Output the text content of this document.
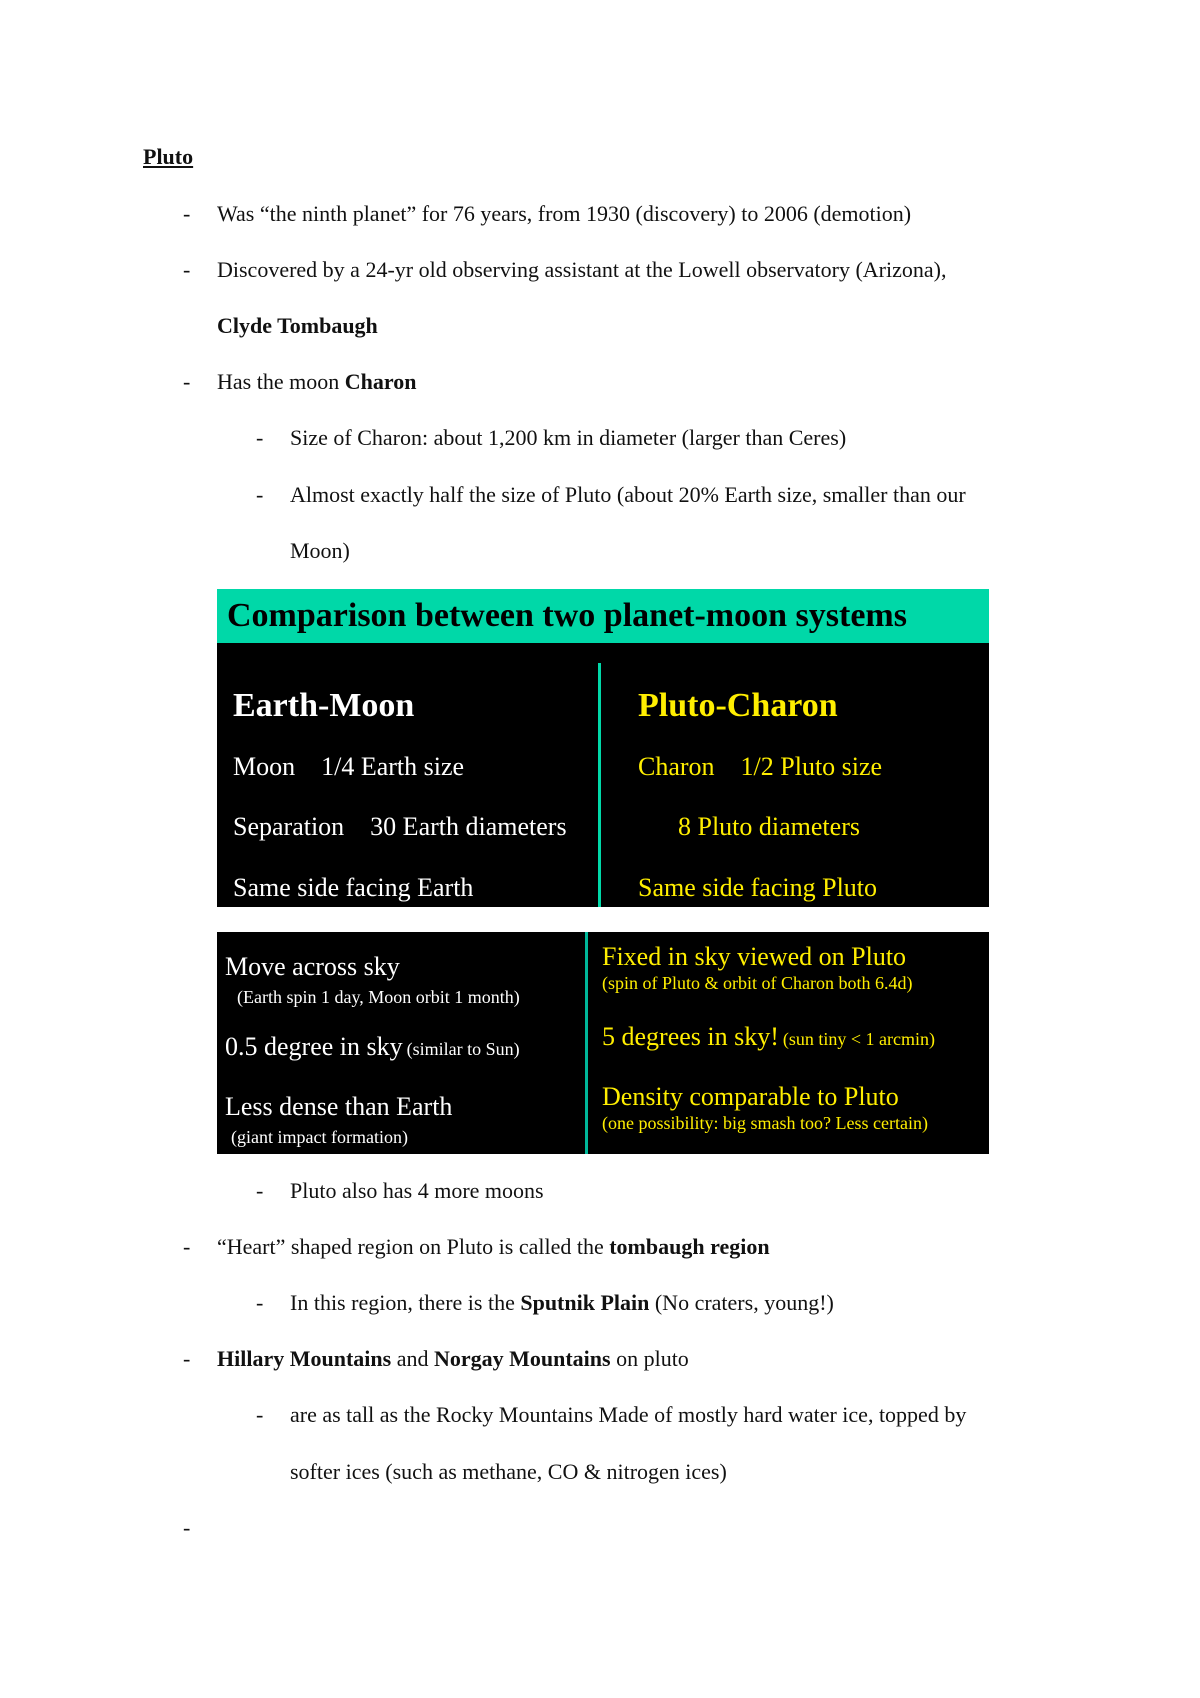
Pluto
- Was “the ninth planet” for 76 years, from 1930 (discovery) to 2006 (demotion)
- Discovered by a 24-yr old observing assistant at the Lowell observatory (Arizona),
Clyde Tombaugh
- Has the moon Charon
- Size of Charon: about 1,200 km in diameter (larger than Ceres)
- Almost exactly half the size of Pluto (about 20% Earth size, smaller than our
Moon)
Comparison between two planet-moon systems
Earth-Moon
Moon    1/4 Earth size
Separation    30 Earth diameters
Same side facing Earth
Pluto-Charon
Charon    1/2 Pluto size
8 Pluto diameters
Same side facing Pluto
Move across sky
(Earth spin 1 day, Moon orbit 1 month)
0.5 degree in sky (similar to Sun)
Less dense than Earth
(giant impact formation)
Fixed in sky viewed on Pluto
(spin of Pluto & orbit of Charon both 6.4d)
5 degrees in sky! (sun tiny < 1 arcmin)
Density comparable to Pluto
(one possibility: big smash too? Less certain)
- Pluto also has 4 more moons
- “Heart” shaped region on Pluto is called the tombaugh region
- In this region, there is the Sputnik Plain (No craters, young!)
- Hillary Mountains and Norgay Mountains on pluto
- are as tall as the Rocky Mountains Made of mostly hard water ice, topped by
softer ices (such as methane, CO & nitrogen ices)
-
